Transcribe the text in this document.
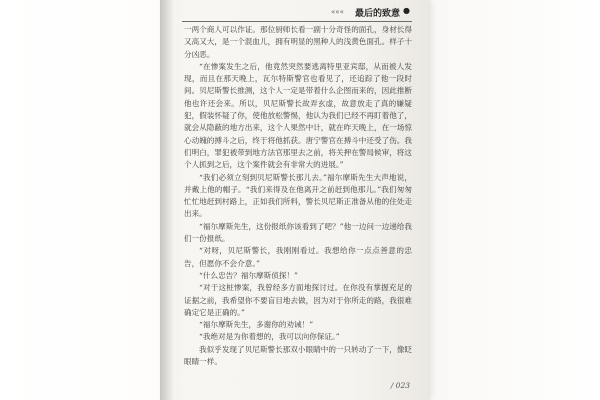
««« 最后的致意 ●

一两个商人可以作证。那位厨师长看一副十分奇怪的面孔，身材长得又高又大，是一个混血儿，拥有明显的黑种人的浅黄色面孔。样子十分凶恶。

“在惨案发生之后，他竟然突然要逃离特里亚宾邸，从而被人发现，而且在那天晚上，瓦尔特斯警官也看见了，还追踪了他一段时间。贝尼斯警长推测，这个人一定是带着什么企图而来的，因此推断他也许还会来。所以，贝尼斯警长故弄玄虚，故意放走了真的嫌疑犯，假装怀疑了你，使他放松警惕，他认为我们已经不再盯着他了，就会从隐蔽的地方出来，这个人果然中计，就在昨天晚上，在一场惊心动魄的搏斗之后，终于将他抓获。唐宁警官在搏斗中还受了伤。我们明白，罪犯被带到地方法官那里去之前，将关押在警局候审，将这个人抓到之后，这个案件就会有非常大的进展。”

“我们必须立刻到贝尼斯警长那儿去。”福尔摩斯先生大声地说，并戴上他的帽子。“我们来得及在他离开之前赶到他那儿。”我们匆匆忙忙地赶到村路上，正如我们所料，警长贝尼斯正准备从他的住处走出来。

“福尔摩斯先生，这份报纸你该看到了吧？”他一边问一边递给我们一份报纸。

“对呀，贝尼斯警长，我刚刚看过。我想给你一点点善意的忠告，但愿你不会介意。”

“什么忠告？福尔摩斯侦探！”

“对于这桩惨案，我曾经多方面地探讨过。在你没有掌握充足的证据之前，我希望你不要盲目地去做，因为对于你所走的路，我很难确定它是正确的。”

“福尔摩斯先生，多谢你的劝诫！”

“我绝对是为你着想的，我可以向你保证。”

我似乎发现了贝尼斯警长那双小眼睛中的一只转动了一下，像眨眼睛一样。

/ 023
